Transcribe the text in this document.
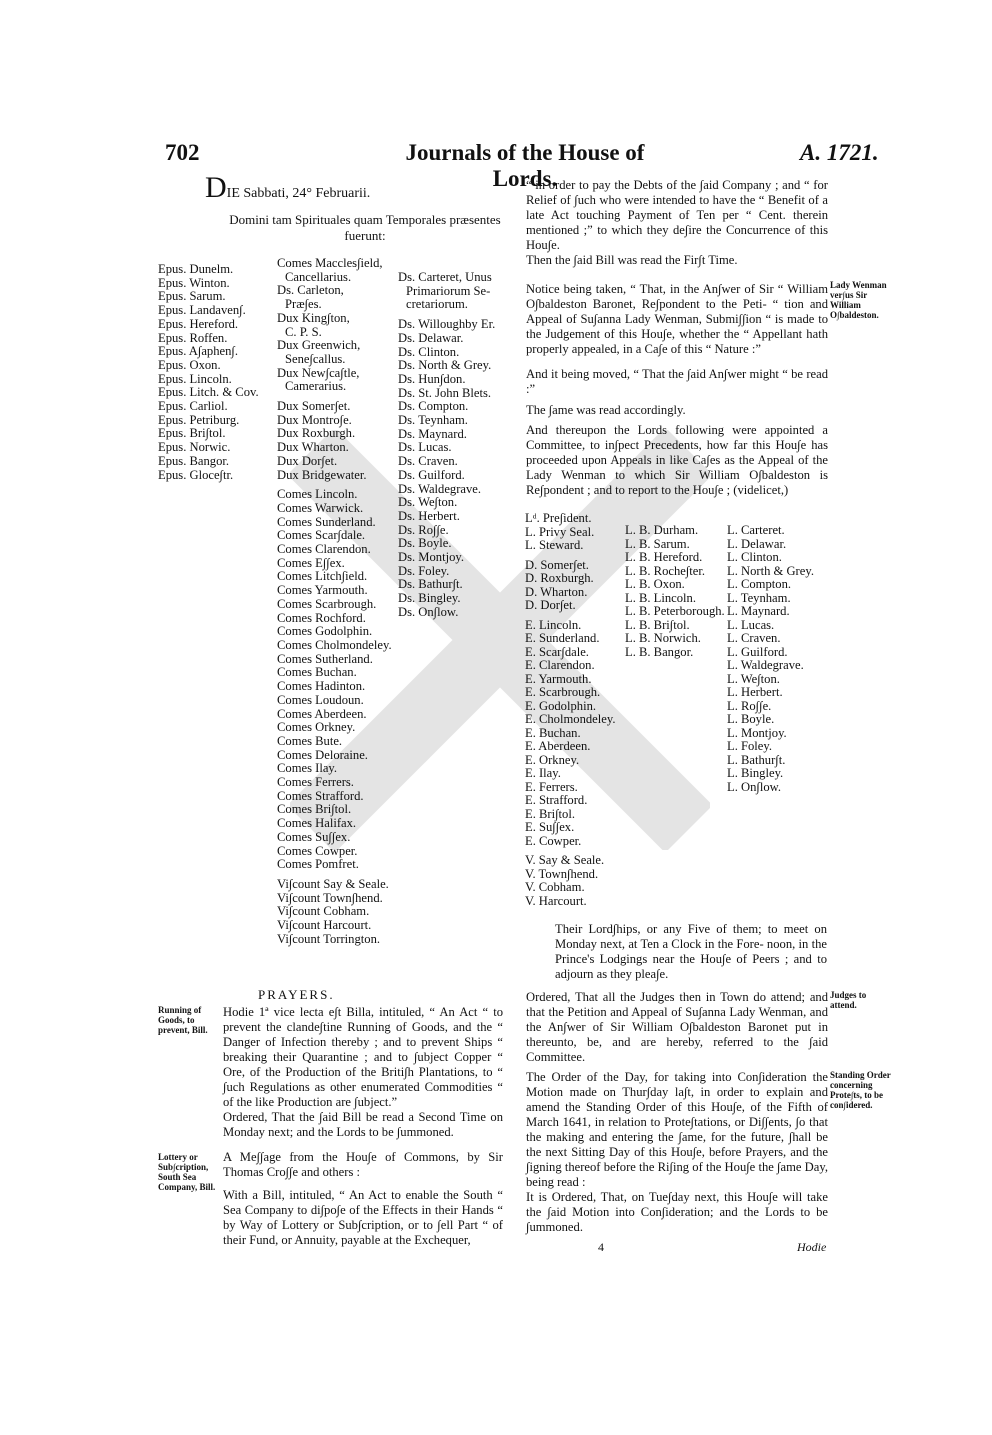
702	Journals of the House of Lords.
A. 1721.
DIE Sabbati, 24° Februarii.
Domini tam Spirituales quam Temporales præsentes fuerunt:
Epus. Dunelm.
Epus. Winton.
Epus. Sarum.
Epus. Landaven∫.
Epus. Hereford.
Epus. Roffen.
Epus. A∫aphen∫.
Epus. Oxon.
Epus. Lincoln.
Epus. Litch. & Cov.
Epus. Carliol.
Epus. Petriburg.
Epus. Bri∫tol.
Epus. Norwic.
Epus. Bangor.
Epus. Gloce∫tr.
Comes Maccles∫ield,
Cancellarius.
Ds. Carleton,
Præ∫es.
Dux King∫ton,
C. P. S.
Dux Greenwich,
Sene∫callus.
Dux New∫ca∫tle,
Camerarius.
Dux Somer∫et.
Dux Montro∫e.
Dux Roxburgh.
Dux Wharton.
Dux Dor∫et.
Dux Bridgewater.
Comes Lincoln.
Comes Warwick.
Comes Sunderland.
Comes Scar∫dale.
Comes Clarendon.
Comes E∫∫ex.
Comes Litch∫ield.
Comes Yarmouth.
Comes Scarbrough.
Comes Rochford.
Comes Godolphin.
Comes Cholmondeley.
Comes Sutherland.
Comes Buchan.
Comes Hadinton.
Comes Loudoun.
Comes Aberdeen.
Comes Orkney.
Comes Bute.
Comes Deloraine.
Comes Ilay.
Comes Ferrers.
Comes Strafford.
Comes Bri∫tol.
Comes Halifax.
Comes Su∫∫ex.
Comes Cowper.
Comes Pomfret.
Vi∫count Say & Seale.
Vi∫count Town∫hend.
Vi∫count Cobham.
Vi∫count Harcourt.
Vi∫count Torrington.
Ds. Carteret, Unus
Primariorum Se-
cretariorum.
Ds. Willoughby Er.
Ds. Delawar.
Ds. Clinton.
Ds. North & Grey.
Ds. Hun∫don.
Ds. St. John Blets.
Ds. Compton.
Ds. Teynham.
Ds. Maynard.
Ds. Lucas.
Ds. Craven.
Ds. Guilford.
Ds. Waldegrave.
Ds. We∫ton.
Ds. Herbert.
Ds. Ro∫∫e.
Ds. Boyle.
Ds. Montjoy.
Ds. Foley.
Ds. Bathur∫t.
Ds. Bingley.
Ds. On∫low.
“ in order to pay the Debts of the ∫aid Company ; and “ for Relief of ∫uch who were intended to have the “ Benefit of a late Act touching Payment of Ten per “ Cent. therein mentioned ;” to which they de∫ire the Concurrence of this Hou∫e.
Then the ∫aid Bill was read the Fir∫t Time.
Lady Wenman ver∫us Sir William O∫baldeston.
Notice being taken, “ That, in the An∫wer of Sir “ William O∫baldeston Baronet, Re∫pondent to the Peti- “ tion and Appeal of Su∫anna Lady Wenman, Submi∫∫ion “ is made to the Judgement of this Hou∫e, whether the “ Appellant hath properly appealed, in a Ca∫e of this “ Nature :”
And it being moved, “ That the ∫aid An∫wer might “ be read :”
The ∫ame was read accordingly.
And thereupon the Lords following were appointed a Committee, to in∫pect Precedents, how far this Hou∫e has proceeded upon Appeals in like Ca∫es as the Appeal of the Lady Wenman to which Sir William O∫baldeston is Re∫pondent ; and to report to the Hou∫e ; (videlicet,)
Lᵈ. Pre∫ident.
L. Privy Seal.
L. Steward.
D. Somer∫et.
D. Roxburgh.
D. Wharton.
D. Dor∫et.
E. Lincoln.
E. Sunderland.
E. Scar∫dale.
E. Clarendon.
E. Yarmouth.
E. Scarbrough.
E. Godolphin.
E. Cholmondeley.
E. Buchan.
E. Aberdeen.
E. Orkney.
E. Ilay.
E. Ferrers.
E. Strafford.
E. Bri∫tol.
E. Su∫∫ex.
E. Cowper.
V. Say & Seale.
V. Town∫hend.
V. Cobham.
V. Harcourt.
L. B. Durham.
L. B. Sarum.
L. B. Hereford.
L. B. Roche∫ter.
L. B. Oxon.
L. B. Lincoln.
L. B. Peterborough.
L. B. Bri∫tol.
L. B. Norwich.
L. B. Bangor.
L. Carteret.
L. Delawar.
L. Clinton.
L. North & Grey.
L. Compton.
L. Teynham.
L. Maynard.
L. Lucas.
L. Craven.
L. Guilford.
L. Waldegrave.
L. We∫ton.
L. Herbert.
L. Ro∫∫e.
L. Boyle.
L. Montjoy.
L. Foley.
L. Bathur∫t.
L. Bingley.
L. On∫low.
Their Lord∫hips, or any Five of them; to meet on Monday next, at Ten a Clock in the Fore- noon, in the Prince's Lodgings near the Hou∫e of Peers ; and to adjourn as they plea∫e.
Judges to attend.
Ordered, That all the Judges then in Town do attend; and that the Petition and Appeal of Su∫anna Lady Wenman, and the An∫wer of Sir William O∫baldeston Baronet put in thereunto, be, and are hereby, referred to the ∫aid Committee.
Standing Order concerning Prote∫ts, to be con∫idered.
The Order of the Day, for taking into Con∫ideration the Motion made on Thur∫day la∫t, in order to explain and amend the Standing Order of this Hou∫e, of the Fifth of March 1641, in relation to Prote∫tations, or Di∫∫ents, ∫o that the making and entering the ∫ame, for the future, ∫hall be the next Sitting Day of this Hou∫e, before Prayers, and the ∫igning thereof before the Ri∫ing of the Hou∫e the ∫ame Day, being read :
It is Ordered, That, on Tue∫day next, this Hou∫e will take the ∫aid Motion into Con∫ideration; and the Lords to be ∫ummoned.
PRAYERS.
Running of Goods, to prevent, Bill.
Hodie 1ª vice lecta e∫t Billa, intituled, “ An Act “ to prevent the clande∫tine Running of Goods, and the “ Danger of Infection thereby ; and to prevent Ships “ breaking their Quarantine ; and to ∫ubject Copper “ Ore, of the Production of the Briti∫h Plantations, to “ ∫uch Regulations as other enumerated Commodities “ of the like Production are ∫ubject.”
Ordered, That the ∫aid Bill be read a Second Time on Monday next; and the Lords to be ∫ummoned.
Lottery or Sub∫cription, South Sea Company, Bill.
A Me∫∫age from the Hou∫e of Commons, by Sir Thomas Cro∫∫e and others :
With a Bill, intituled, “ An Act to enable the South “ Sea Company to di∫po∫e of the Effects in their Hands “ by Way of Lottery or Sub∫cription, or to ∫ell Part “ of their Fund, or Annuity, payable at the Exchequer,	4	Hodie
